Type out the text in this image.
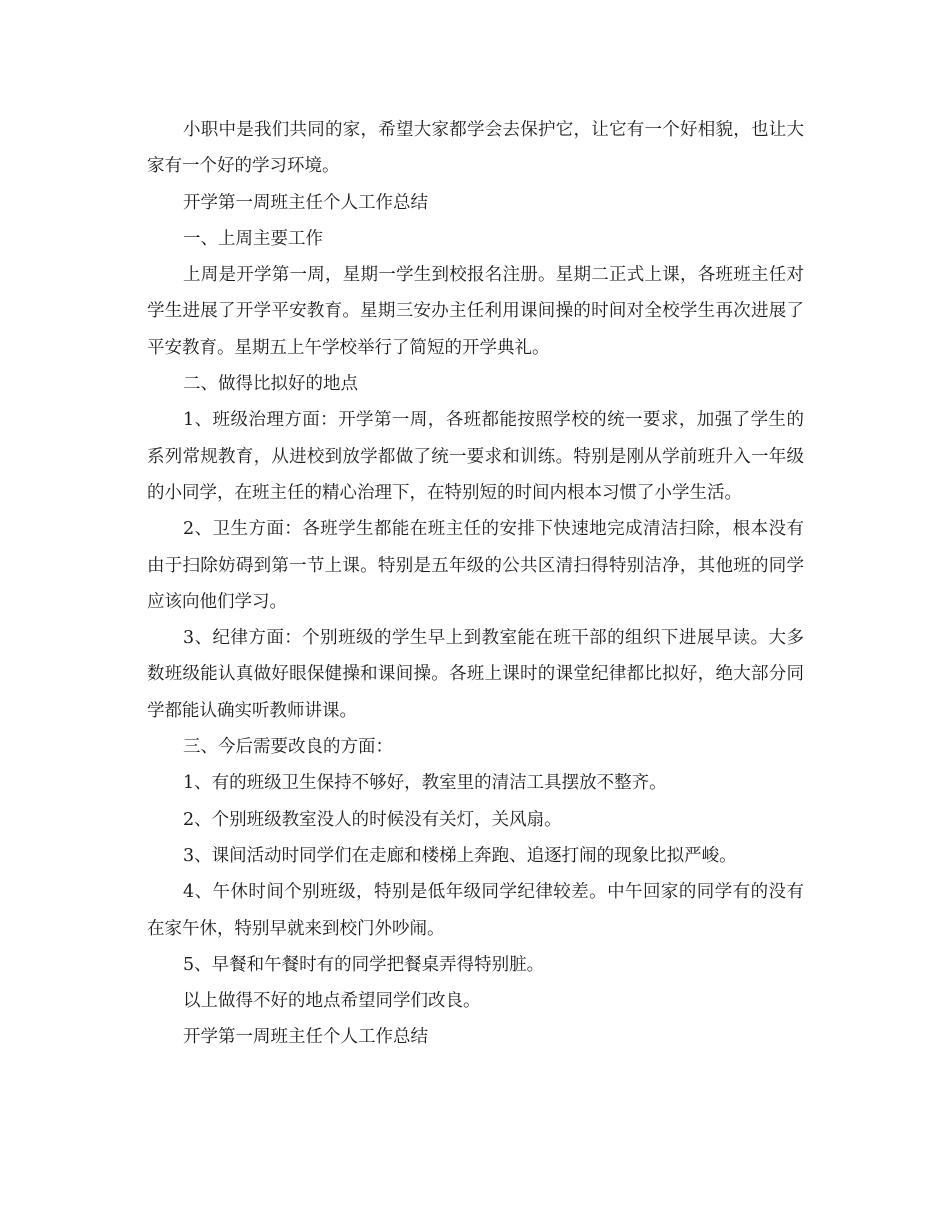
小职中是我们共同的家，希望大家都学会去保护它，让它有一个好相貌，也让大家有一个好的学习环境。

开学第一周班主任个人工作总结

一、上周主要工作

上周是开学第一周，星期一学生到校报名注册。星期二正式上课，各班班主任对学生进展了开学平安教育。星期三安办主任利用课间操的时间对全校学生再次进展了平安教育。星期五上午学校举行了简短的开学典礼。

二、做得比拟好的地点

1、班级治理方面：开学第一周，各班都能按照学校的统一要求，加强了学生的系列常规教育，从进校到放学都做了统一要求和训练。特别是刚从学前班升入一年级的小同学，在班主任的精心治理下，在特别短的时间内根本习惯了小学生活。

2、卫生方面：各班学生都能在班主任的安排下快速地完成清洁扫除，根本没有由于扫除妨碍到第一节上课。特别是五年级的公共区清扫得特别洁净，其他班的同学应该向他们学习。

3、纪律方面：个别班级的学生早上到教室能在班干部的组织下进展早读。大多数班级能认真做好眼保健操和课间操。各班上课时的课堂纪律都比拟好，绝大部分同学都能认确实听教师讲课。

三、今后需要改良的方面：

1、有的班级卫生保持不够好，教室里的清洁工具摆放不整齐。

2、个别班级教室没人的时候没有关灯，关风扇。

3、课间活动时同学们在走廊和楼梯上奔跑、追逐打闹的现象比拟严峻。

4、午休时间个别班级，特别是低年级同学纪律较差。中午回家的同学有的没有在家午休，特别早就来到校门外吵闹。

5、早餐和午餐时有的同学把餐桌弄得特别脏。

以上做得不好的地点希望同学们改良。

开学第一周班主任个人工作总结
